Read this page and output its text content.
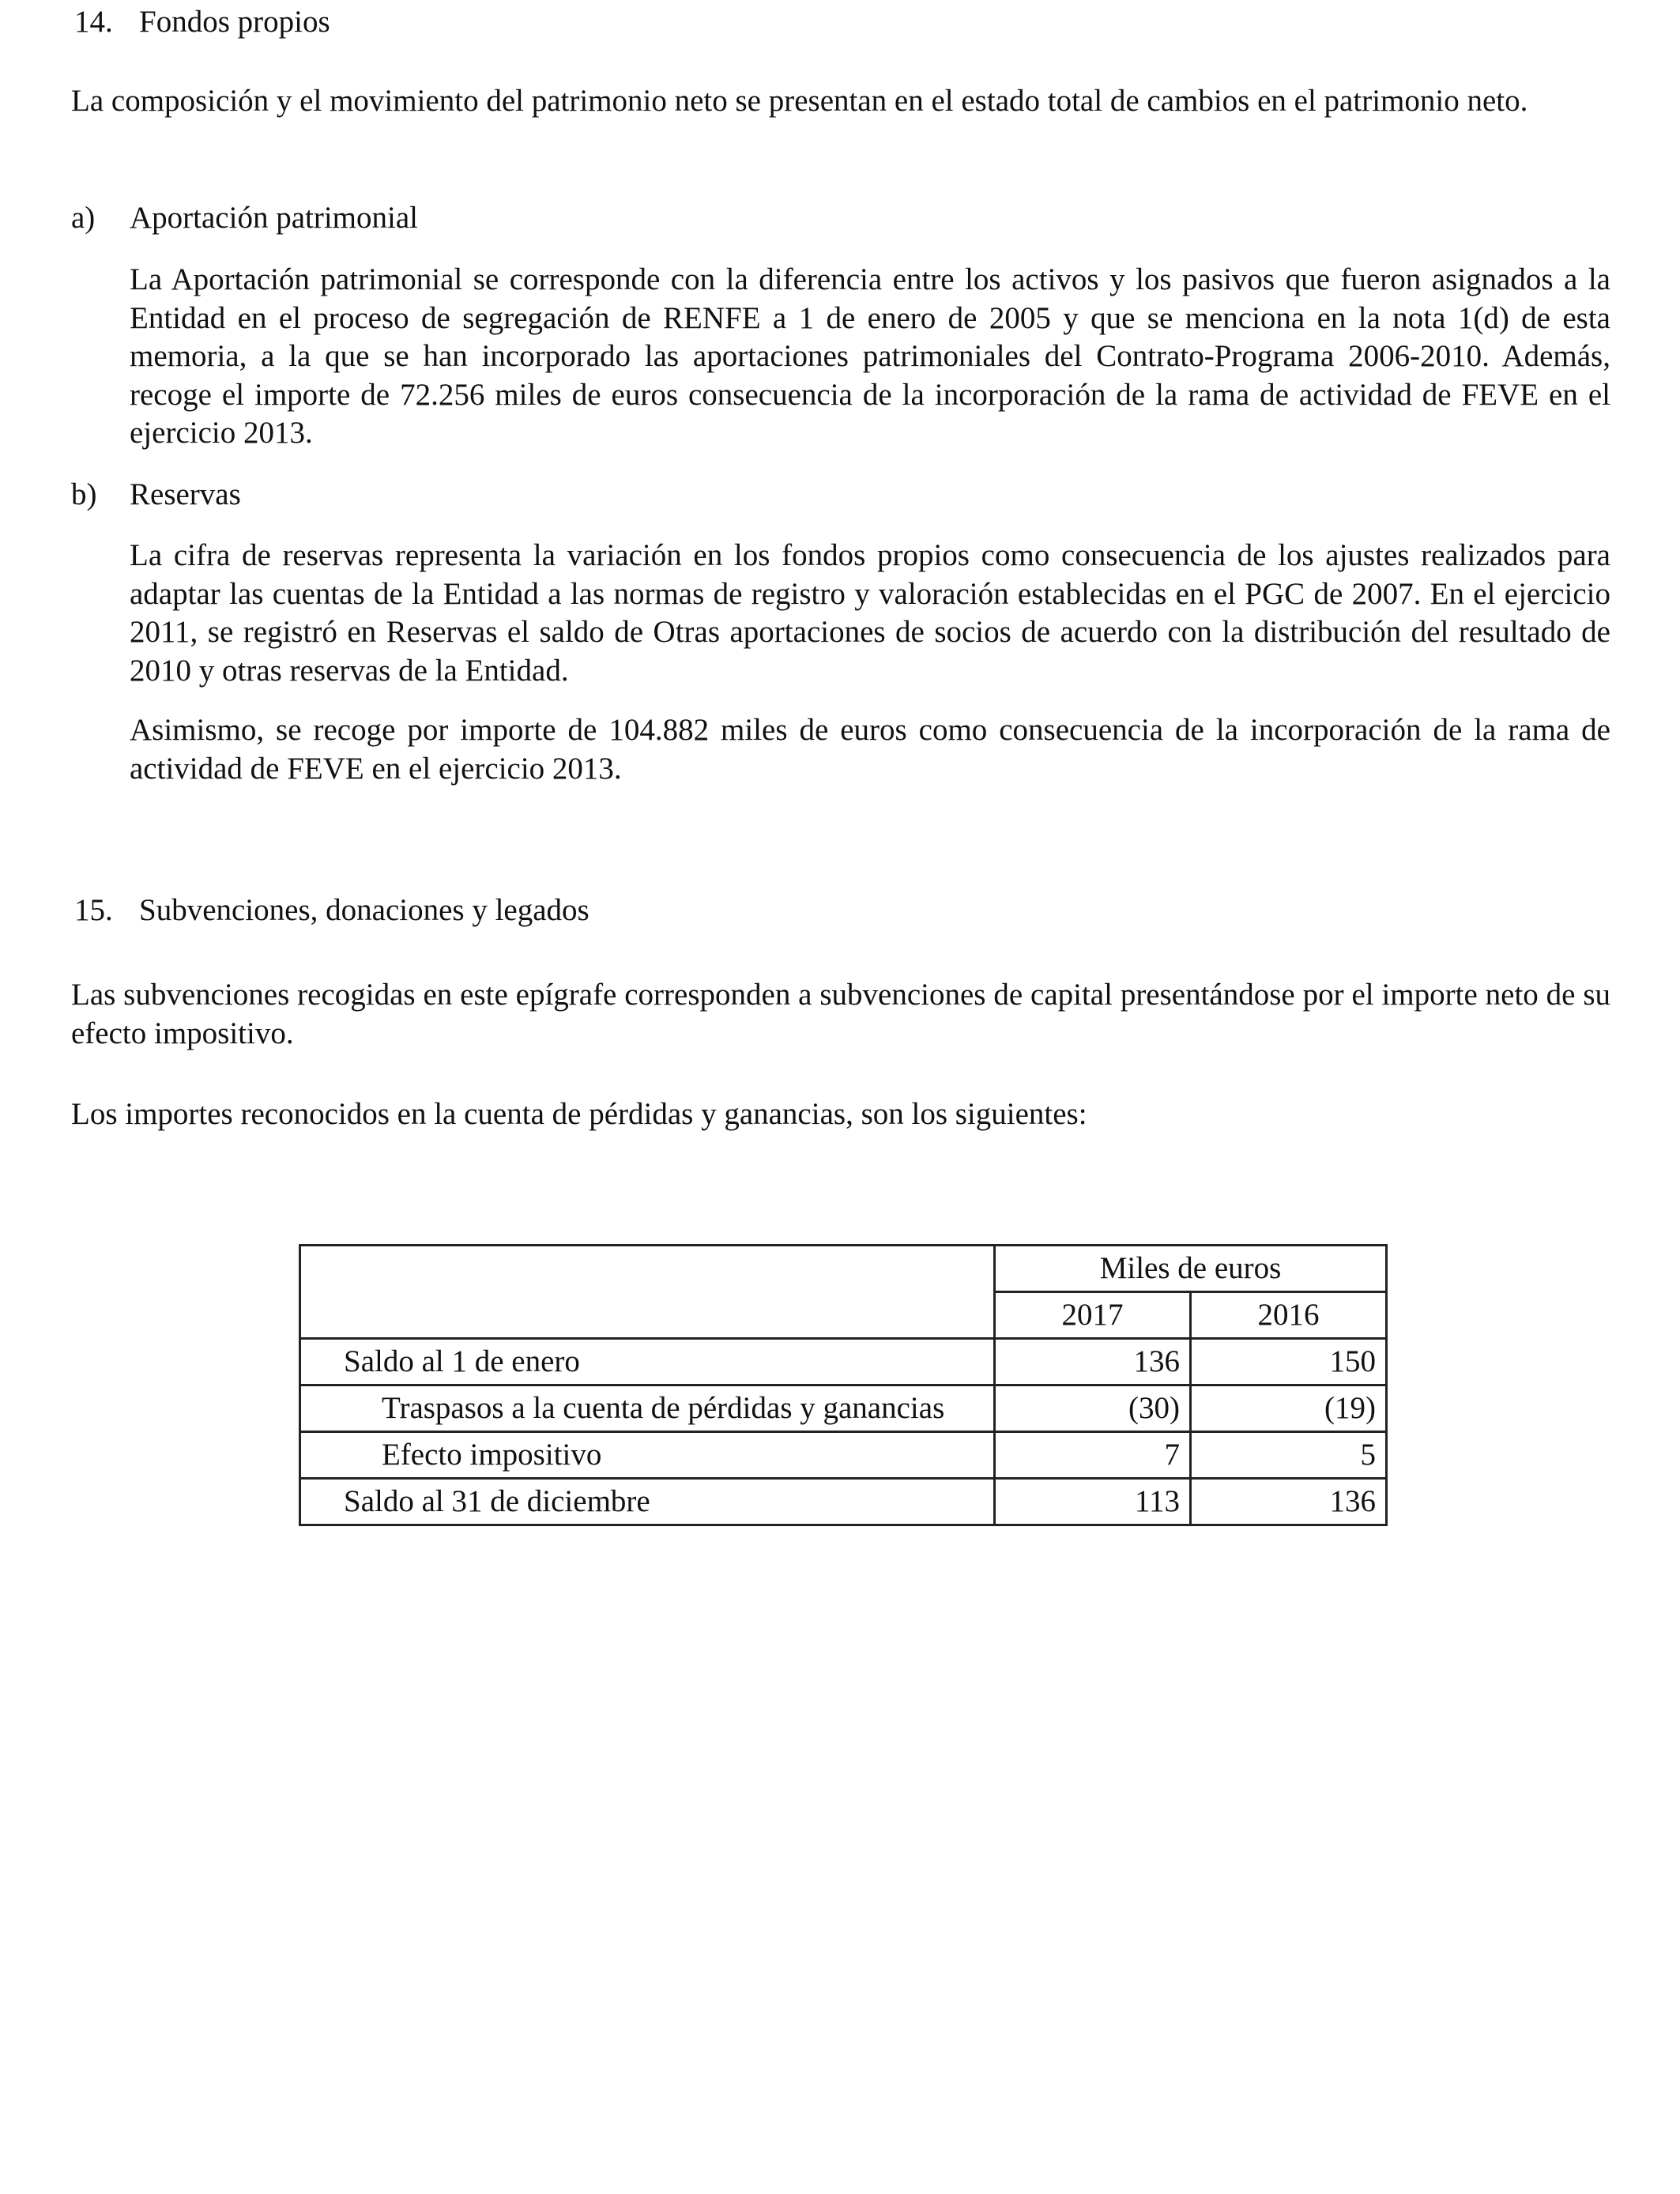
14. Fondos propios
La composición y el movimiento del patrimonio neto se presentan en el estado total de cambios en el patrimonio neto.
a) Aportación patrimonial
La Aportación patrimonial se corresponde con la diferencia entre los activos y los pasivos que fueron asignados a la Entidad en el proceso de segregación de RENFE a 1 de enero de 2005 y que se menciona en la nota 1(d) de esta memoria, a la que se han incorporado las aportaciones patrimoniales del Contrato-Programa 2006-2010. Además, recoge el importe de 72.256 miles de euros consecuencia de la incorporación de la rama de actividad de FEVE en el ejercicio 2013.
b) Reservas
La cifra de reservas representa la variación en los fondos propios como consecuencia de los ajustes realizados para adaptar las cuentas de la Entidad a las normas de registro y valoración establecidas en el PGC de 2007. En el ejercicio 2011, se registró en Reservas el saldo de Otras aportaciones de socios de acuerdo con la distribución del resultado de 2010 y otras reservas de la Entidad.
Asimismo, se recoge por importe de 104.882 miles de euros como consecuencia de la incorporación de la rama de actividad de FEVE en el ejercicio 2013.
15. Subvenciones, donaciones y legados
Las subvenciones recogidas en este epígrafe corresponden a subvenciones de capital presentándose por el importe neto de su efecto impositivo.
Los importes reconocidos en la cuenta de pérdidas y ganancias, son los siguientes:
	Miles de euros	
	2017	2016
Saldo al 1 de enero	136	150
Traspasos a la cuenta de pérdidas y ganancias	(30)	(19)
Efecto impositivo	7	5
Saldo al 31 de diciembre	113	136
